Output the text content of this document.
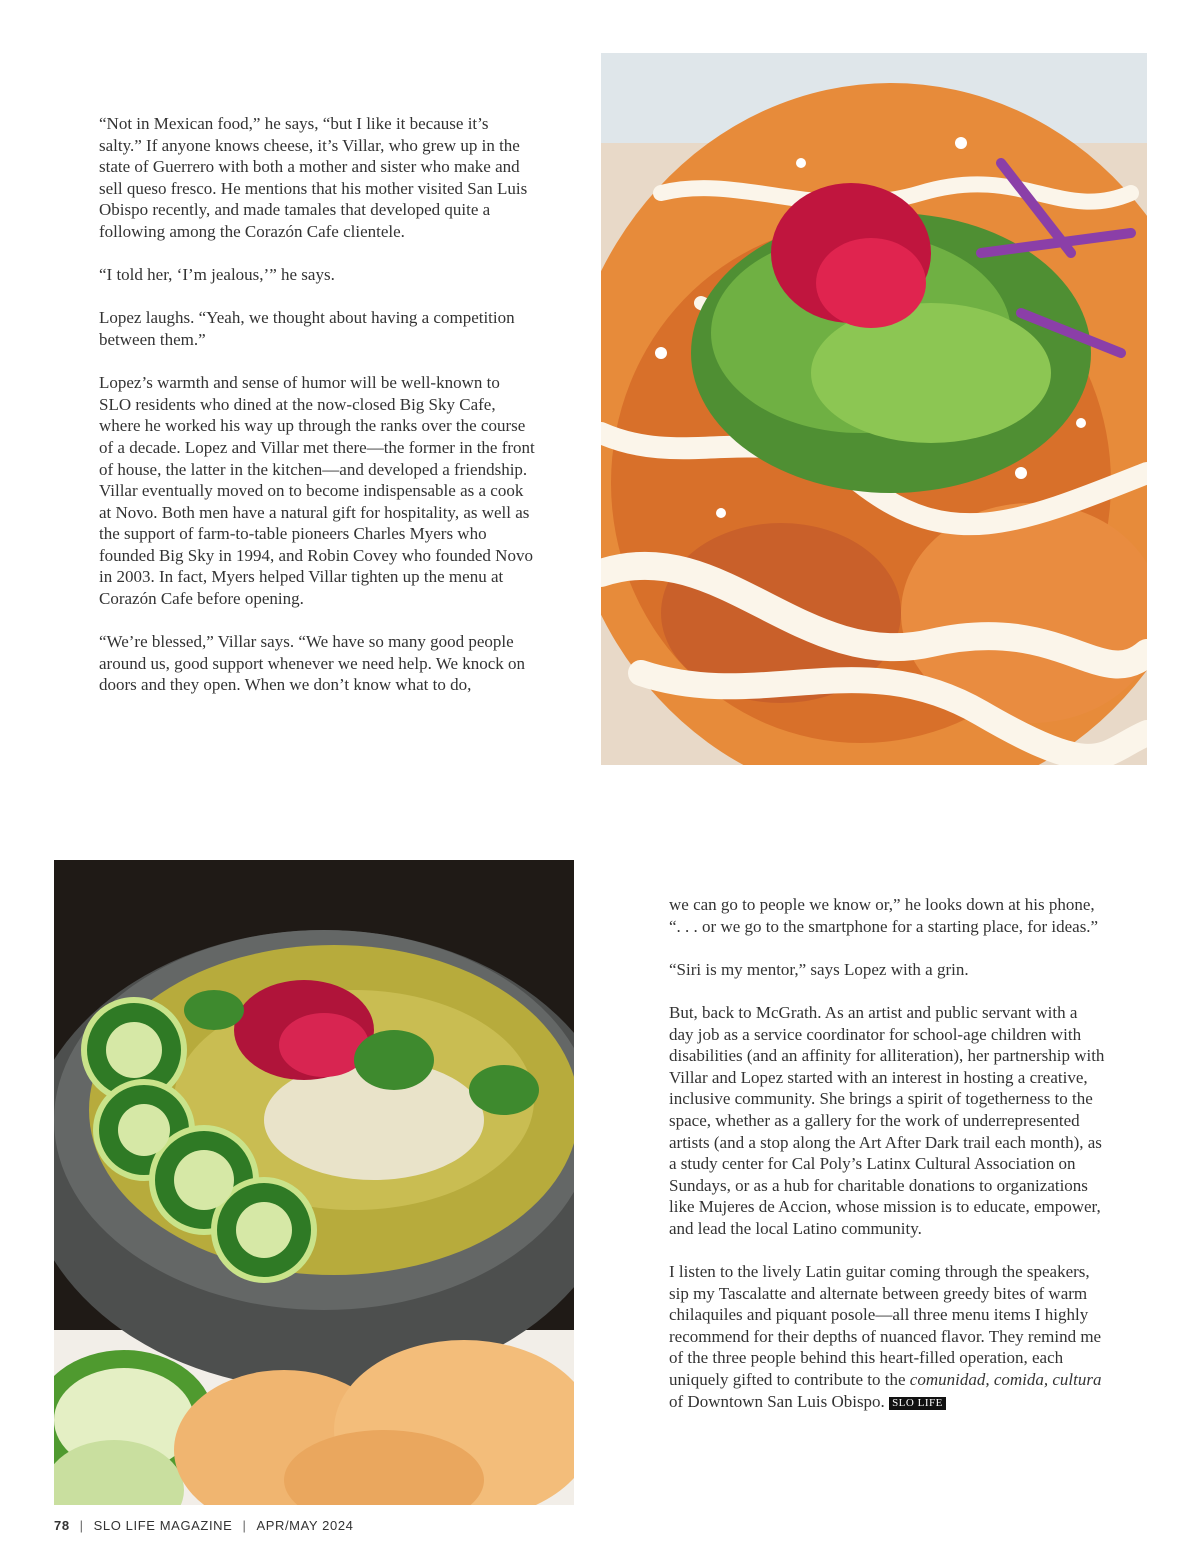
“Not in Mexican food,” he says, “but I like it because it’s salty.” If anyone knows cheese, it’s Villar, who grew up in the state of Guerrero with both a mother and sister who make and sell queso fresco. He mentions that his mother visited San Luis Obispo recently, and made tamales that developed quite a following among the Corazón Cafe clientele.

“I told her, ‘I’m jealous,’” he says.

Lopez laughs. “Yeah, we thought about having a competition between them.”

Lopez’s warmth and sense of humor will be well-known to SLO residents who dined at the now-closed Big Sky Cafe, where he worked his way up through the ranks over the course of a decade. Lopez and Villar met there—the former in the front of house, the latter in the kitchen—and developed a friendship. Villar eventually moved on to become indispensable as a cook at Novo. Both men have a natural gift for hospitality, as well as the support of farm-to-table pioneers Charles Myers who founded Big Sky in 1994, and Robin Covey who founded Novo in 2003. In fact, Myers helped Villar tighten up the menu at Corazón Cafe before opening.

“We’re blessed,” Villar says. “We have so many good people around us, good support whenever we need help. We knock on doors and they open. When we don’t know what to do,

we can go to people we know or,” he looks down at his phone, “. . . or we go to the smartphone for a starting place, for ideas.”

“Siri is my mentor,” says Lopez with a grin.

But, back to McGrath. As an artist and public servant with a day job as a service coordinator for school-age children with disabilities (and an affinity for alliteration), her partnership with Villar and Lopez started with an interest in hosting a creative, inclusive community. She brings a spirit of togetherness to the space, whether as a gallery for the work of underrepresented artists (and a stop along the Art After Dark trail each month), as a study center for Cal Poly’s Latinx Cultural Association on Sundays, or as a hub for charitable donations to organizations like Mujeres de Accion, whose mission is to educate, empower, and lead the local Latino community.

I listen to the lively Latin guitar coming through the speakers, sip my Tascalatte and alternate between greedy bites of warm chilaquiles and piquant posole—all three menu items I highly recommend for their depths of nuanced flavor. They remind me of the three people behind this heart-filled operation, each uniquely gifted to contribute to the comunidad, comida, cultura of Downtown San Luis Obispo. SLO LIFE

78 | SLO LIFE MAGAZINE | APR/MAY 2024
